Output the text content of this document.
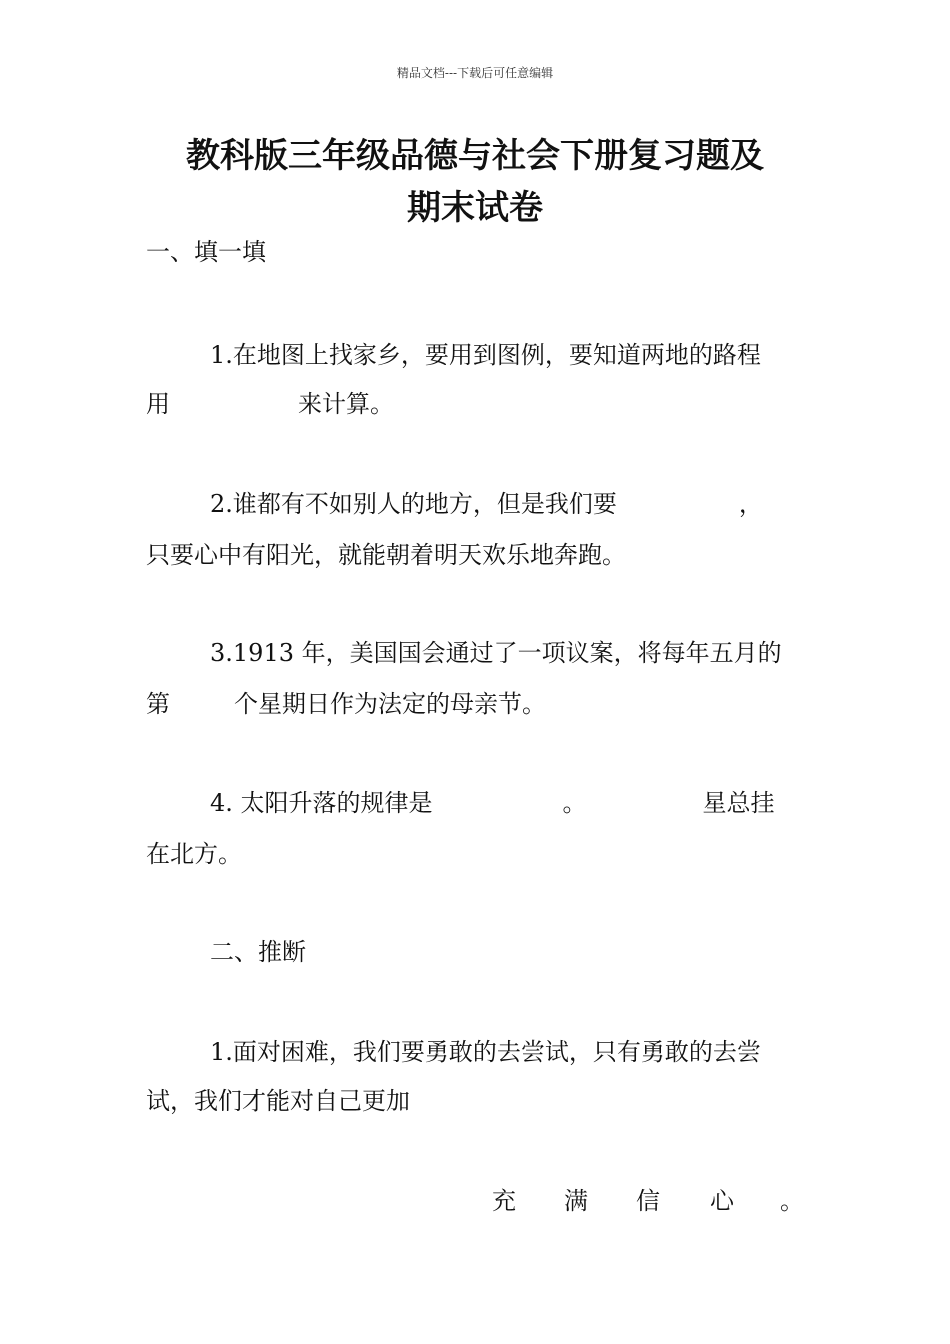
精品文档---下载后可任意编辑
教科版三年级品德与社会下册复习题及
期末试卷
一、填一填
1.在地图上找家乡，要用到图例，要知道两地的路程
用	来计算。
2.谁都有不如别人的地方，但是我们要	，
只要心中有阳光，就能朝着明天欢乐地奔跑。
3.1913 年，美国国会通过了一项议案，将每年五月的
第	个星期日作为法定的母亲节。
4. 太阳升落的规律是	。	星总挂
在北方。
二、推断
1.面对困难，我们要勇敢的去尝试，只有勇敢的去尝
试，我们才能对自己更加
充 满 信 心 。
